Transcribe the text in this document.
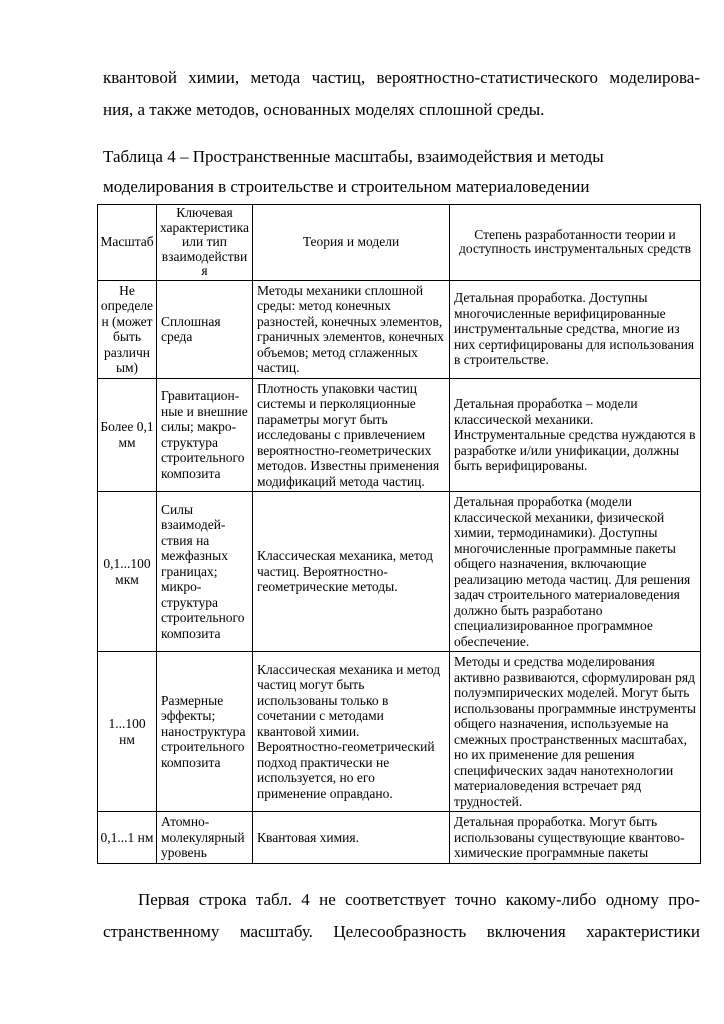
квантовой химии, метода частиц, вероятностно-статистического моделирова-
ния, а также методов, основанных моделях сплошной среды.
Таблица 4 – Пространственные масштабы, взаимодействия и методы
моделирования в строительстве и строительном материаловедении
Масштаб	Ключевая характеристика или тип взаимодействия	Теория и модели	Степень разработанности теории и доступность инструментальных средств
Не определен (может быть различным)	Сплошная среда	Методы механики сплошной среды: метод конечных разностей, конечных элементов, граничных элементов, конечных объемов; метод сглаженных частиц.	Детальная проработка. Доступны многочисленные верифицированные инструментальные средства, многие из них сертифицированы для использования в строительстве.
Более 0,1 мм	Гравитацион- ные и внешние силы; макро- структура строительного композита	Плотность упаковки частиц системы и перколяционные параметры могут быть исследованы с привлечением вероятностно-геометрических методов. Известны применения модификаций метода частиц.	Детальная проработка – модели классической механики. Инструментальные средства нуждаются в разработке и/или унификации, должны быть верифицированы.
0,1...100 мкм	Силы взаимодей- ствия на межфазных границах; микро- структура строительного композита	Классическая механика, метод частиц. Вероятностно- геометрические методы.	Детальная проработка (модели классической механики, физической химии, термодинамики). Доступны многочисленные программные пакеты общего назначения, включающие реализацию метода частиц. Для решения задач строительного материаловедения должно быть разработано специализированное программное обеспечение.
1...100 нм	Размерные эффекты; наноструктура строительного композита	Классическая механика и метод частиц могут быть использованы только в сочетании с методами квантовой химии. Вероятностно-геометрический подход практически не используется, но его применение оправдано.	Методы и средства моделирования активно развиваются, сформулирован ряд полуэмпирических моделей. Могут быть использованы программные инструменты общего назначения, используемые на смежных пространственных масштабах, но их применение для решения специфических задач нанотехнологии материаловедения встречает ряд трудностей.
0,1...1 нм	Атомно- молекулярный уровень	Квантовая химия.	Детальная проработка. Могут быть использованы существующие квантово-химические программные пакеты
Первая строка табл. 4 не соответствует точно какому-либо одному про-
странственному масштабу. Целесообразность включения характеристики
